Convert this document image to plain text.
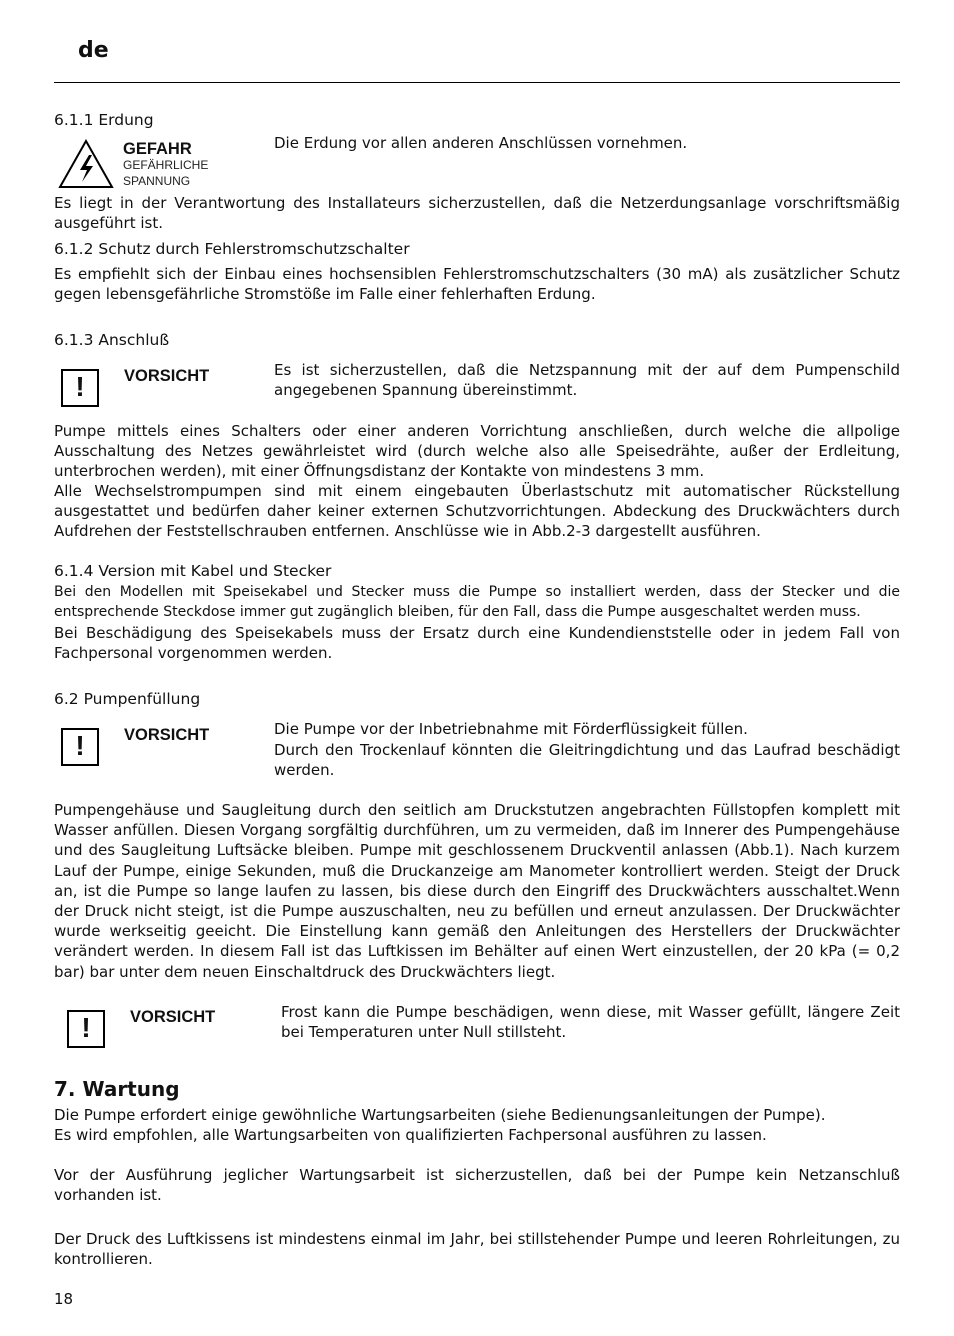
de
6.1.1 Erdung
GEFAHR
GEFÄHRLICHE
SPANNUNG
Die Erdung vor allen anderen Anschlüssen vornehmen.
Es liegt in der Verantwortung des Installateurs sicherzustellen, daß die Netzerdungsanlage vorschriftsmäßig ausgeführt ist.
6.1.2 Schutz durch Fehlerstromschutzschalter
Es empfiehlt sich der Einbau eines hochsensiblen Fehlerstromschutzschalters (30 mA) als zusätzlicher Schutz gegen lebensgefährliche Stromstöße im Falle einer fehlerhaften Erdung.
6.1.3 Anschluß
!	VORSICHT	Es ist sicherzustellen, daß die Netzspannung mit der auf dem Pumpenschild angegebenen Spannung übereinstimmt.
Pumpe mittels eines Schalters oder einer anderen Vorrichtung anschließen, durch welche die allpolige Ausschaltung des Netzes gewährleistet wird (durch welche also alle Speisedrähte, außer der Erdleitung, unterbrochen werden), mit einer Öffnungsdistanz der Kontakte von mindestens 3 mm.
Alle Wechselstrompumpen sind mit einem eingebauten Überlastschutz mit automatischer Rückstellung ausgestattet und bedürfen daher keiner externen Schutzvorrichtungen. Abdeckung des Druckwächters durch Aufdrehen der Feststellschrauben entfernen. Anschlüsse wie in Abb.2-3 dargestellt ausführen.
6.1.4 Version mit Kabel und Stecker
Bei den Modellen mit Speisekabel und Stecker muss die Pumpe so installiert werden, dass der Stecker und die entsprechende Steckdose immer gut zugänglich bleiben, für den Fall, dass die Pumpe ausgeschaltet werden muss.
Bei Beschädigung des Speisekabels muss der Ersatz durch eine Kundendienststelle oder in jedem Fall von Fachpersonal vorgenommen werden.
6.2 Pumpenfüllung
!	VORSICHT	Die Pumpe vor der Inbetriebnahme mit Förderflüssigkeit füllen.
Durch den Trockenlauf könnten die Gleitringdichtung und das Laufrad beschädigt werden.
Pumpengehäuse und Saugleitung durch den seitlich am Druckstutzen angebrachten Füllstopfen komplett mit Wasser anfüllen. Diesen Vorgang sorgfältig durchführen, um zu vermeiden, daß im Innerer des Pumpengehäuse und des Saugleitung Luftsäcke bleiben. Pumpe mit geschlossenem Druckventil anlassen (Abb.1). Nach kurzem Lauf der Pumpe, einige Sekunden, muß die Druckanzeige am Manometer kontrolliert werden. Steigt der Druck an, ist die Pumpe so lange laufen zu lassen, bis diese durch den Eingriff des Druckwächters ausschaltet.Wenn der Druck nicht steigt, ist die Pumpe auszuschalten, neu zu befüllen und erneut anzulassen. Der Druckwächter wurde werkseitig geeicht. Die Einstellung kann gemäß den Anleitungen des Herstellers der Druckwächter verändert werden. In diesem Fall ist das Luftkissen im Behälter auf einen Wert einzustellen, der 20 kPa (= 0,2 bar) bar unter dem neuen Einschaltdruck des Druckwächters liegt.
!	VORSICHT	Frost kann die Pumpe beschädigen, wenn diese, mit Wasser gefüllt, längere Zeit bei Temperaturen unter Null stillsteht.
7. Wartung
Die Pumpe erfordert einige gewöhnliche Wartungsarbeiten (siehe Bedienungsanleitungen der Pumpe).
Es wird empfohlen, alle Wartungsarbeiten von qualifizierten Fachpersonal ausführen zu lassen.
Vor der Ausführung jeglicher Wartungsarbeit ist sicherzustellen, daß bei der Pumpe kein Netzanschluß vorhanden ist.
Der Druck des Luftkissens ist mindestens einmal im Jahr, bei stillstehender Pumpe und leeren Rohrleitungen, zu kontrollieren.
18
